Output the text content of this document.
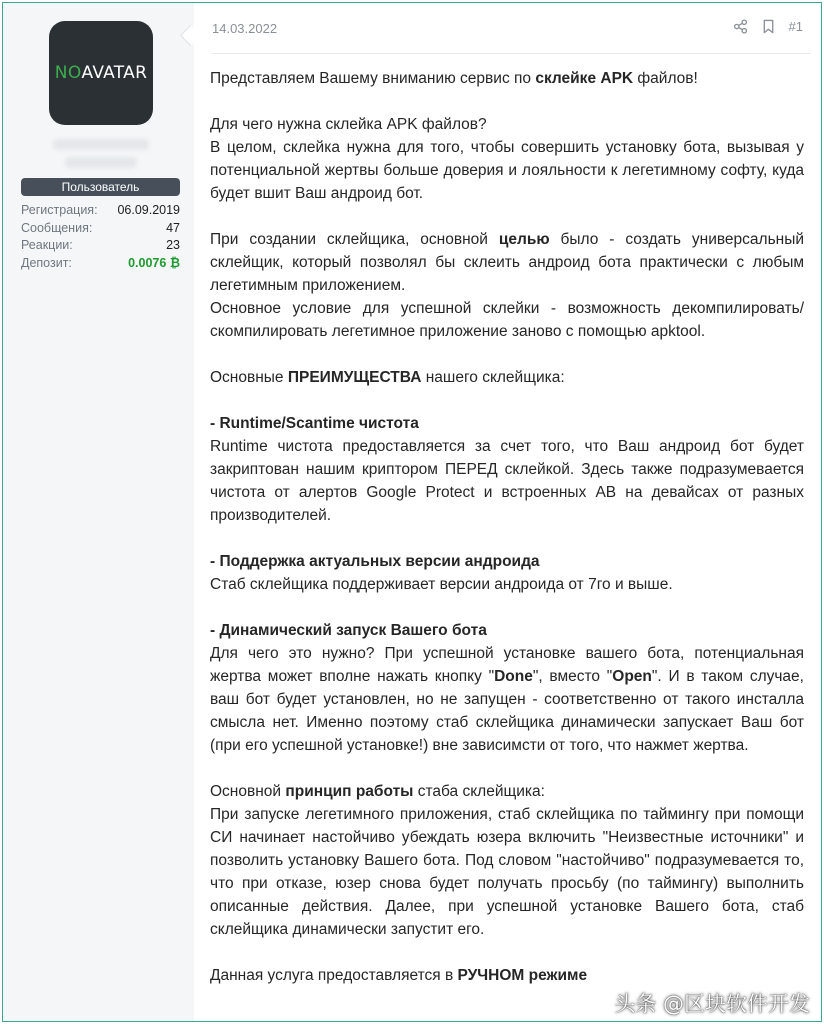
NO AVATAR
Пользователь
Регистрация: 06.09.2019
Сообщения:	47
Реакции:	23
Депозит:	0.0076 ₿
14.03.2022	#1

Представляем Вашему вниманию сервис по склейке APK файлов!

Для чего нужна склейка APK файлов?

В целом, склейка нужна для того, чтобы совершить установку бота, вызывая у потенциальной жертвы больше доверия и лояльности к легетимному софту, куда будет вшит Ваш андроид бот.

При создании склейщика, основной целью было - создать универсальный склейщик, который позволял бы склеить андроид бота практически с любым легетимным приложением.

Основное условие для успешной склейки - возможность декомпилировать/скомпилировать легетимное приложение заново с помощью apktool.

Основные ПРЕИМУЩЕСТВА нашего склейщика:

- Runtime/Scantime чистота

Runtime чистота предоставляется за счет того, что Ваш андроид бот будет закриптован нашим криптором ПЕРЕД склейкой. Здесь также подразумевается чистота от алертов Google Protect и встроенных АВ на девайсах от разных производителей.

- Поддержка актуальных версии андроида

Стаб склейщика поддерживает версии андроида от 7го и выше.

- Динамический запуск Вашего бота

Для чего это нужно? При успешной установке вашего бота, потенциальная жертва может вполне нажать кнопку "Done", вместо "Open". И в таком случае, ваш бот будет установлен, но не запущен - соответственно от такого инсталла смысла нет. Именно поэтому стаб склейщика динамически запускает Ваш бот (при его успешной установке!) вне зависимсти от того, что нажмет жертва.

Основной принцип работы стаба склейщика:

При запуске легетимного приложения, стаб склейщика по таймингу при помощи СИ начинает настойчиво убеждать юзера включить "Неизвестные источники" и позволить установку Вашего бота. Под словом "настойчиво" подразумевается то, что при отказе, юзер снова будет получать просьбу (по таймингу) выполнить описанные действия. Далее, при успешной установке Вашего бота, стаб склейщика динамически запустит его.

Данная услуга предоставляется в РУЧНОМ режиме

头条 @区块软件开发
